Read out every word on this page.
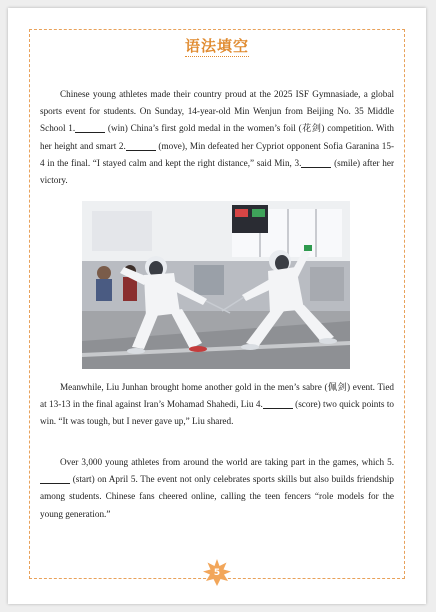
语法填空

Chinese young athletes made their country proud at the 2025 ISF Gymnasiade, a global sports event for students. On Sunday, 14-year-old Min Wenjun from Beijing No. 35 Middle School 1.	(win) China’s first gold medal in the women’s foil (花剑) competition. With her height and smart 2.	(move), Min defeated her Cypriot opponent Sofia Garanina 15-4 in the final. “I stayed calm and kept the right distance,” said Min, 3.	(smile) after her victory.

Meanwhile, Liu Junhan brought home another gold in the men’s sabre (佩剑) event. Tied at 13-13 in the final against Iran’s Mohamad Shahedi, Liu 4.	(score) two quick points to win. “It was tough, but I never gave up,” Liu shared.

Over 3,000 young athletes from around the world are taking part in the games, which 5. (start) on April 5. The event not only celebrates sports skills but also builds friendship among students. Chinese fans cheered online, calling the teen fencers “role models for the young generation.”

5
